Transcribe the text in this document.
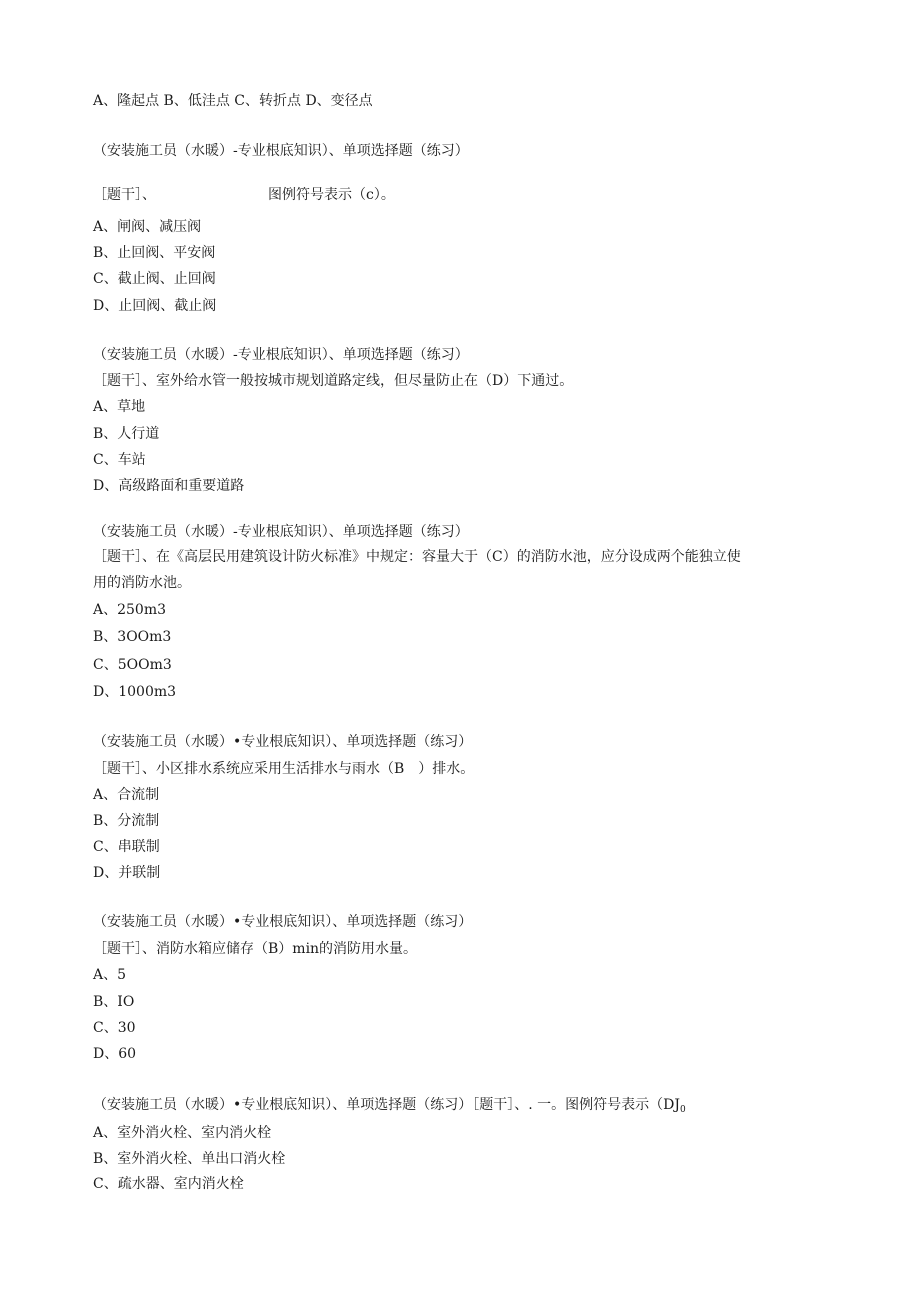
A、隆起点 B、低洼点 C、转折点 D、变径点
（安装施工员（水暖）-专业根底知识）、单项选择题（练习）
［题干］、	图例符号表示（c）。
A、闸阀、减压阀
B、止回阀、平安阀
C、截止阀、止回阀
D、止回阀、截止阀
（安装施工员（水暖）-专业根底知识）、单项选择题（练习）
［题干］、室外给水管一般按城市规划道路定线，但尽量防止在（D）下通过。
A、草地
B、人行道
C、车站
D、高级路面和重要道路
（安装施工员（水暖）-专业根底知识）、单项选择题（练习）
［题干］、在《高层民用建筑设计防火标准》中规定：容量大于（C）的消防水池，应分设成两个能独立使
用的消防水池。
A、250m3
B、3OOm3
C、5OOm3
D、1000m3
（安装施工员（水暖）•专业根底知识）、单项选择题（练习）
［题干］、小区排水系统应采用生活排水与雨水（B　）排水。
A、合流制
B、分流制
C、串联制
D、并联制
（安装施工员（水暖）•专业根底知识）、单项选择题（练习）
［题干］、消防水箱应储存（B）min的消防用水量。
A、5
B、IO
C、30
D、60
（安装施工员（水暖）•专业根底知识）、单项选择题（练习）［题干］、. 一。图例符号表示（$DJ_0$
A、室外消火栓、室内消火栓
B、室外消火栓、单出口消火栓
C、疏水器、室内消火栓
